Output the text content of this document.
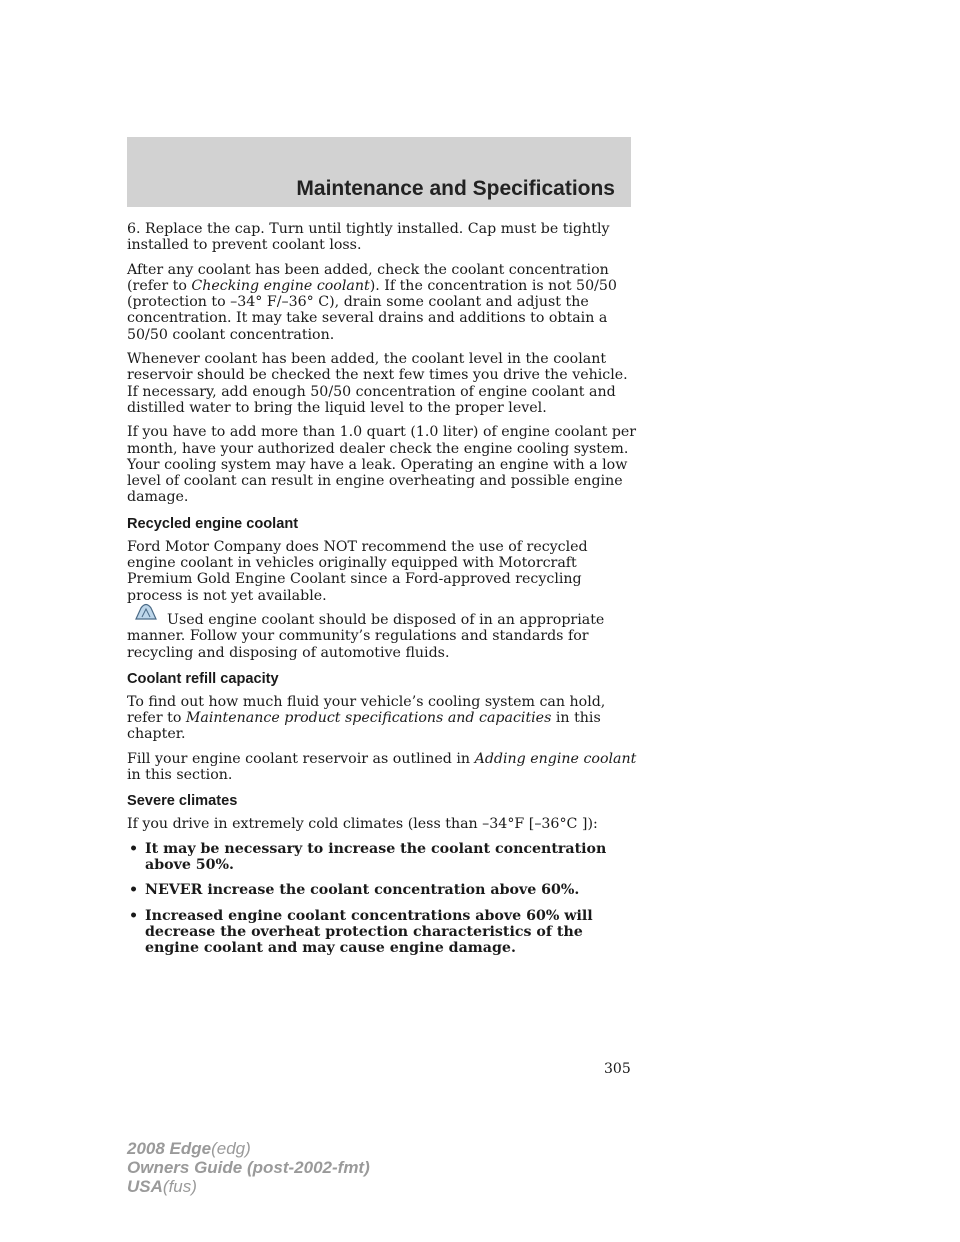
Maintenance and Specifications

6. Replace the cap. Turn until tightly installed. Cap must be tightly installed to prevent coolant loss.

After any coolant has been added, check the coolant concentration (refer to Checking engine coolant). If the concentration is not 50/50 (protection to –34° F/–36° C), drain some coolant and adjust the concentration. It may take several drains and additions to obtain a 50/50 coolant concentration.

Whenever coolant has been added, the coolant level in the coolant reservoir should be checked the next few times you drive the vehicle. If necessary, add enough 50/50 concentration of engine coolant and distilled water to bring the liquid level to the proper level.

If you have to add more than 1.0 quart (1.0 liter) of engine coolant per month, have your authorized dealer check the engine cooling system. Your cooling system may have a leak. Operating an engine with a low level of coolant can result in engine overheating and possible engine damage.

Recycled engine coolant

Ford Motor Company does NOT recommend the use of recycled engine coolant in vehicles originally equipped with Motorcraft Premium Gold Engine Coolant since a Ford-approved recycling process is not yet available.

Used engine coolant should be disposed of in an appropriate manner. Follow your community’s regulations and standards for recycling and disposing of automotive fluids.

Coolant refill capacity

To find out how much fluid your vehicle’s cooling system can hold, refer to Maintenance product specifications and capacities in this chapter.

Fill your engine coolant reservoir as outlined in Adding engine coolant
in this section.

Severe climates

If you drive in extremely cold climates (less than –34°F [–36°C ]):

• It may be necessary to increase the coolant concentration above 50%.
• NEVER increase the coolant concentration above 60%.
• Increased engine coolant concentrations above 60% will decrease the overheat protection characteristics of the engine coolant and may cause engine damage.
305
2008 Edge(edg)
Owners Guide (post-2002-fmt)
USA(fus)
